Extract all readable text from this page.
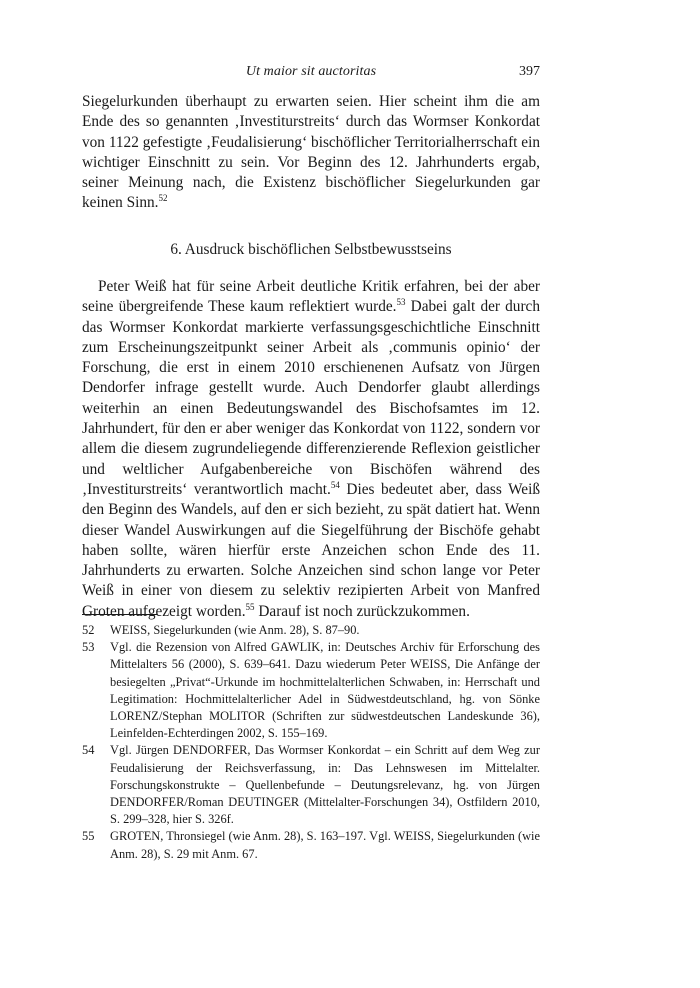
Ut maior sit auctoritas	397

Siegelurkunden überhaupt zu erwarten seien. Hier scheint ihm die am Ende des so genannten ‚Investiturstreits‘ durch das Wormser Konkordat von 1122 gefestigte ‚Feudalisierung‘ bischöflicher Territorialherrschaft ein wichtiger Einschnitt zu sein. Vor Beginn des 12. Jahrhunderts ergab, seiner Meinung nach, die Existenz bischöflicher Siegelurkunden gar keinen Sinn.$^{52}$

6. Ausdruck bischöflichen Selbstbewusstseins

Peter Weiß hat für seine Arbeit deutliche Kritik erfahren, bei der aber seine übergreifende These kaum reflektiert wurde.$^{53}$ Dabei galt der durch das Wormser Konkordat markierte verfassungsgeschichtliche Einschnitt zum Erscheinungszeitpunkt seiner Arbeit als ‚communis opinio‘ der Forschung, die erst in einem 2010 erschienenen Aufsatz von Jürgen Dendorfer infrage gestellt wurde. Auch Dendorfer glaubt allerdings weiterhin an einen Bedeutungswandel des Bischofsamtes im 12. Jahrhundert, für den er aber weniger das Konkordat von 1122, sondern vor allem die diesem zugrundeliegende differenzierende Reflexion geistlicher und weltlicher Aufgabenbereiche von Bischöfen während des ‚Investiturstreits‘ verantwortlich macht.$^{54}$ Dies bedeutet aber, dass Weiß den Beginn des Wandels, auf den er sich bezieht, zu spät datiert hat. Wenn dieser Wandel Auswirkungen auf die Siegelführung der Bischöfe gehabt haben sollte, wären hierfür erste Anzeichen schon Ende des 11. Jahrhunderts zu erwarten. Solche Anzeichen sind schon lange vor Peter Weiß in einer von diesem zu selektiv rezipierten Arbeit von Manfred Groten aufgezeigt worden.$^{55}$ Darauf ist noch zurückzukommen.

52 WEISS, Siegelurkunden (wie Anm. 28), S. 87–90.
53 Vgl. die Rezension von Alfred GAWLIK, in: Deutsches Archiv für Erforschung des Mittelalters 56 (2000), S. 639–641. Dazu wiederum Peter WEISS, Die Anfänge der besiegelten „Privat“-Urkunde im hochmittelalterlichen Schwaben, in: Herrschaft und Legitimation: Hochmittelalterlicher Adel in Südwestdeutschland, hg. von Sönke LORENZ/Stephan MOLITOR (Schriften zur südwestdeutschen Landeskunde 36), Leinfelden-Echterdingen 2002, S. 155–169.
54 Vgl. Jürgen DENDORFER, Das Wormser Konkordat – ein Schritt auf dem Weg zur Feudalisierung der Reichsverfassung, in: Das Lehnswesen im Mittelalter. Forschungskonstrukte – Quellenbefunde – Deutungsrelevanz, hg. von Jürgen DENDORFER/Roman DEUTINGER (Mittelalter-Forschungen 34), Ostfildern 2010, S. 299–328, hier S. 326f.
55 GROTEN, Thronsiegel (wie Anm. 28), S. 163–197. Vgl. WEISS, Siegelurkunden (wie Anm. 28), S. 29 mit Anm. 67.
